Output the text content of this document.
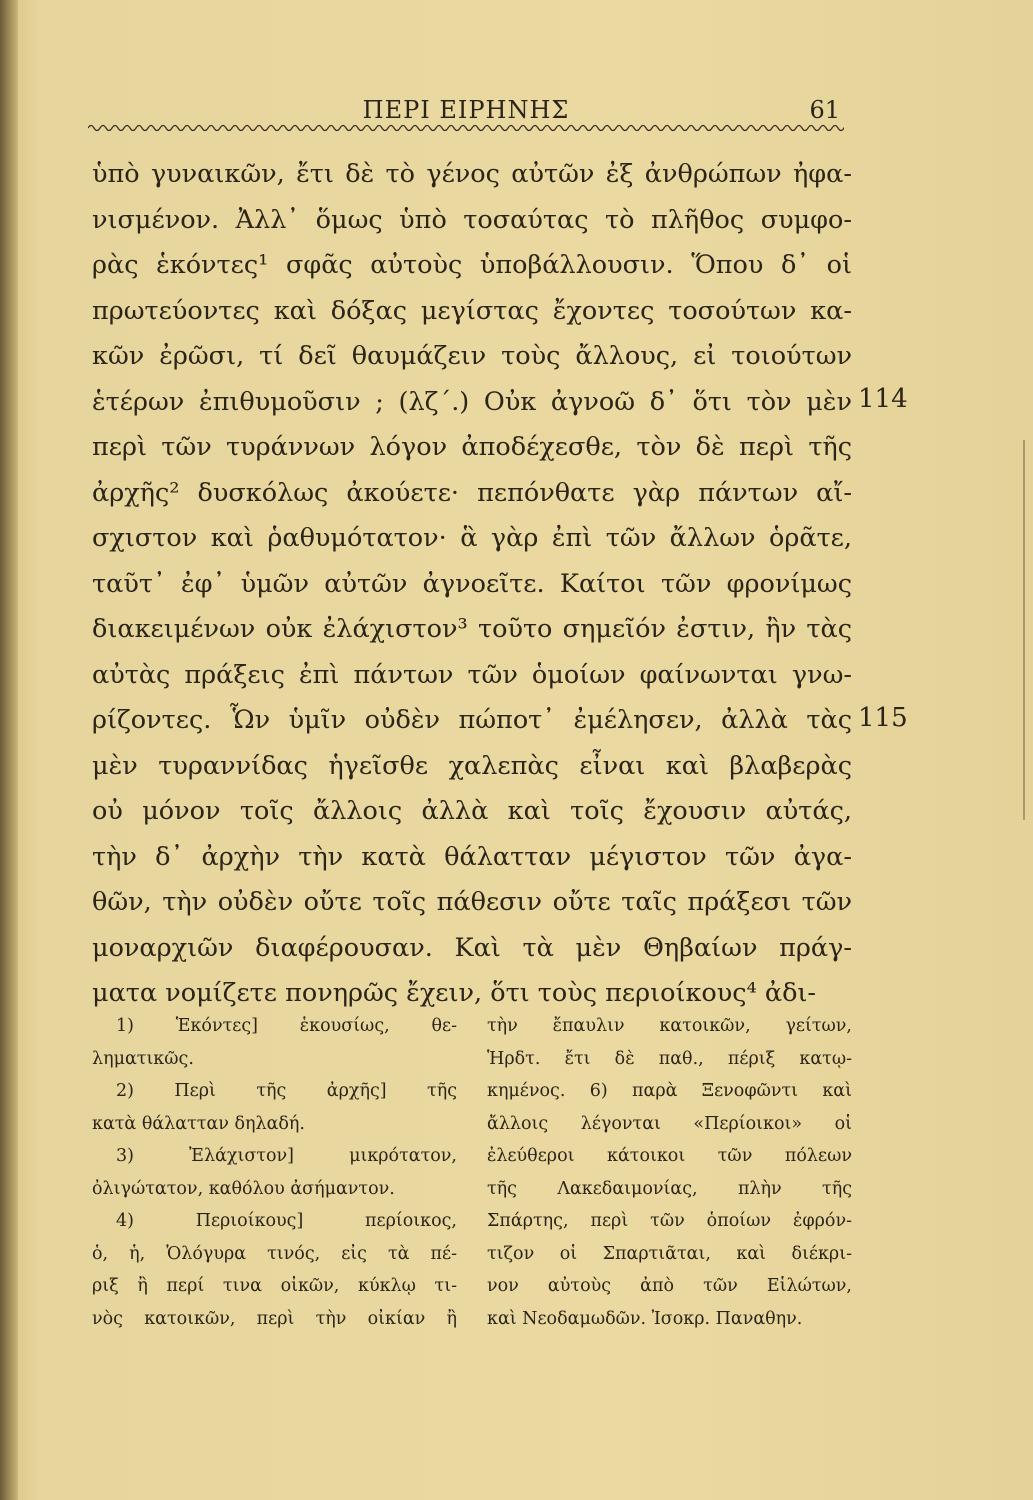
ΠΕΡΙ ΕΙΡΗΝΗΣ	61
ὑπὸ γυναικῶν, ἔτι δὲ τὸ γένος αὐτῶν ἐξ ἀνθρώπων ἠφα-
νισμένον. Ἀλλ᾽ ὅμως ὑπὸ τοσαύτας τὸ πλῆθος συμφο-
ρὰς ἑκόντες¹ σφᾶς αὐτοὺς ὑποβάλλουσιν. Ὅπου δ᾽ οἱ
πρωτεύοντες καὶ δόξας μεγίστας ἔχοντες τοσούτων κα-
κῶν ἐρῶσι, τί δεῖ θαυμάζειν τοὺς ἄλλους, εἰ τοιούτων
ἑτέρων ἐπιθυμοῦσιν ; (λζ΄.) Οὐκ ἀγνοῶ δ᾽ ὅτι τὸν μὲν
περὶ τῶν τυράννων λόγον ἀποδέχεσθε, τὸν δὲ περὶ τῆς
ἀρχῆς² δυσκόλως ἀκούετε· πεπόνθατε γὰρ πάντων αἴ-
σχιστον καὶ ῥαθυμότατον· ἃ γὰρ ἐπὶ τῶν ἄλλων ὁρᾶτε,
ταῦτ᾽ ἐφ᾽ ὑμῶν αὐτῶν ἀγνοεῖτε. Καίτοι τῶν φρονίμως
διακειμένων οὐκ ἐλάχιστον³ τοῦτο σημεῖόν ἐστιν, ἢν τὰς
αὐτὰς πράξεις ἐπὶ πάντων τῶν ὁμοίων φαίνωνται γνω-
ρίζοντες. Ὧν ὑμῖν οὐδὲν πώποτ᾽ ἐμέλησεν, ἀλλὰ τὰς
μὲν τυραννίδας ἡγεῖσθε χαλεπὰς εἶναι καὶ βλαβερὰς
οὐ μόνον τοῖς ἄλλοις ἀλλὰ καὶ τοῖς ἔχουσιν αὐτάς,
τὴν δ᾽ ἀρχὴν τὴν κατὰ θάλατταν μέγιστον τῶν ἀγα-
θῶν, τὴν οὐδὲν οὔτε τοῖς πάθεσιν οὔτε ταῖς πράξεσι τῶν
μοναρχιῶν διαφέρουσαν. Καὶ τὰ μὲν Θηβαίων πράγ-
ματα νομίζετε πονηρῶς ἔχειν, ὅτι τοὺς περιοίκους⁴ ἀδι-
114
115
1) Ἑκόντες] ἑκουσίως, θε-
ληματικῶς.
2) Περὶ τῆς ἀρχῆς] τῆς
κατὰ θάλατταν δηλαδή.
3) Ἐλάχιστον] μικρότατον,
ὀλιγώτατον, καθόλου ἀσήμαντον.
4) Περιοίκους] περίοικος,
ὁ, ἡ, Ὁλόγυρα τινός, εἰς τὰ πέ-
ριξ ἢ περί τινα οἰκῶν, κύκλῳ τι-
νὸς κατοικῶν, περὶ τὴν οἰκίαν ἢ
τὴν ἔπαυλιν κατοικῶν, γείτων,
Ἡρδτ. ἔτι δὲ παθ., πέριξ κατῳ-
κημένος. 6) παρὰ Ξενοφῶντι καὶ
ἄλλοις λέγονται «Περίοικοι» οἱ
ἐλεύθεροι κάτοικοι τῶν πόλεων
τῆς Λακεδαιμονίας, πλὴν τῆς
Σπάρτης, περὶ τῶν ὁποίων ἐφρόν-
τιζον οἱ Σπαρτιᾶται, καὶ διέκρι-
νον αὐτοὺς ἀπὸ τῶν Εἱλώτων,
καὶ Νεοδαμωδῶν. Ἰσοκρ. Παναθην.
